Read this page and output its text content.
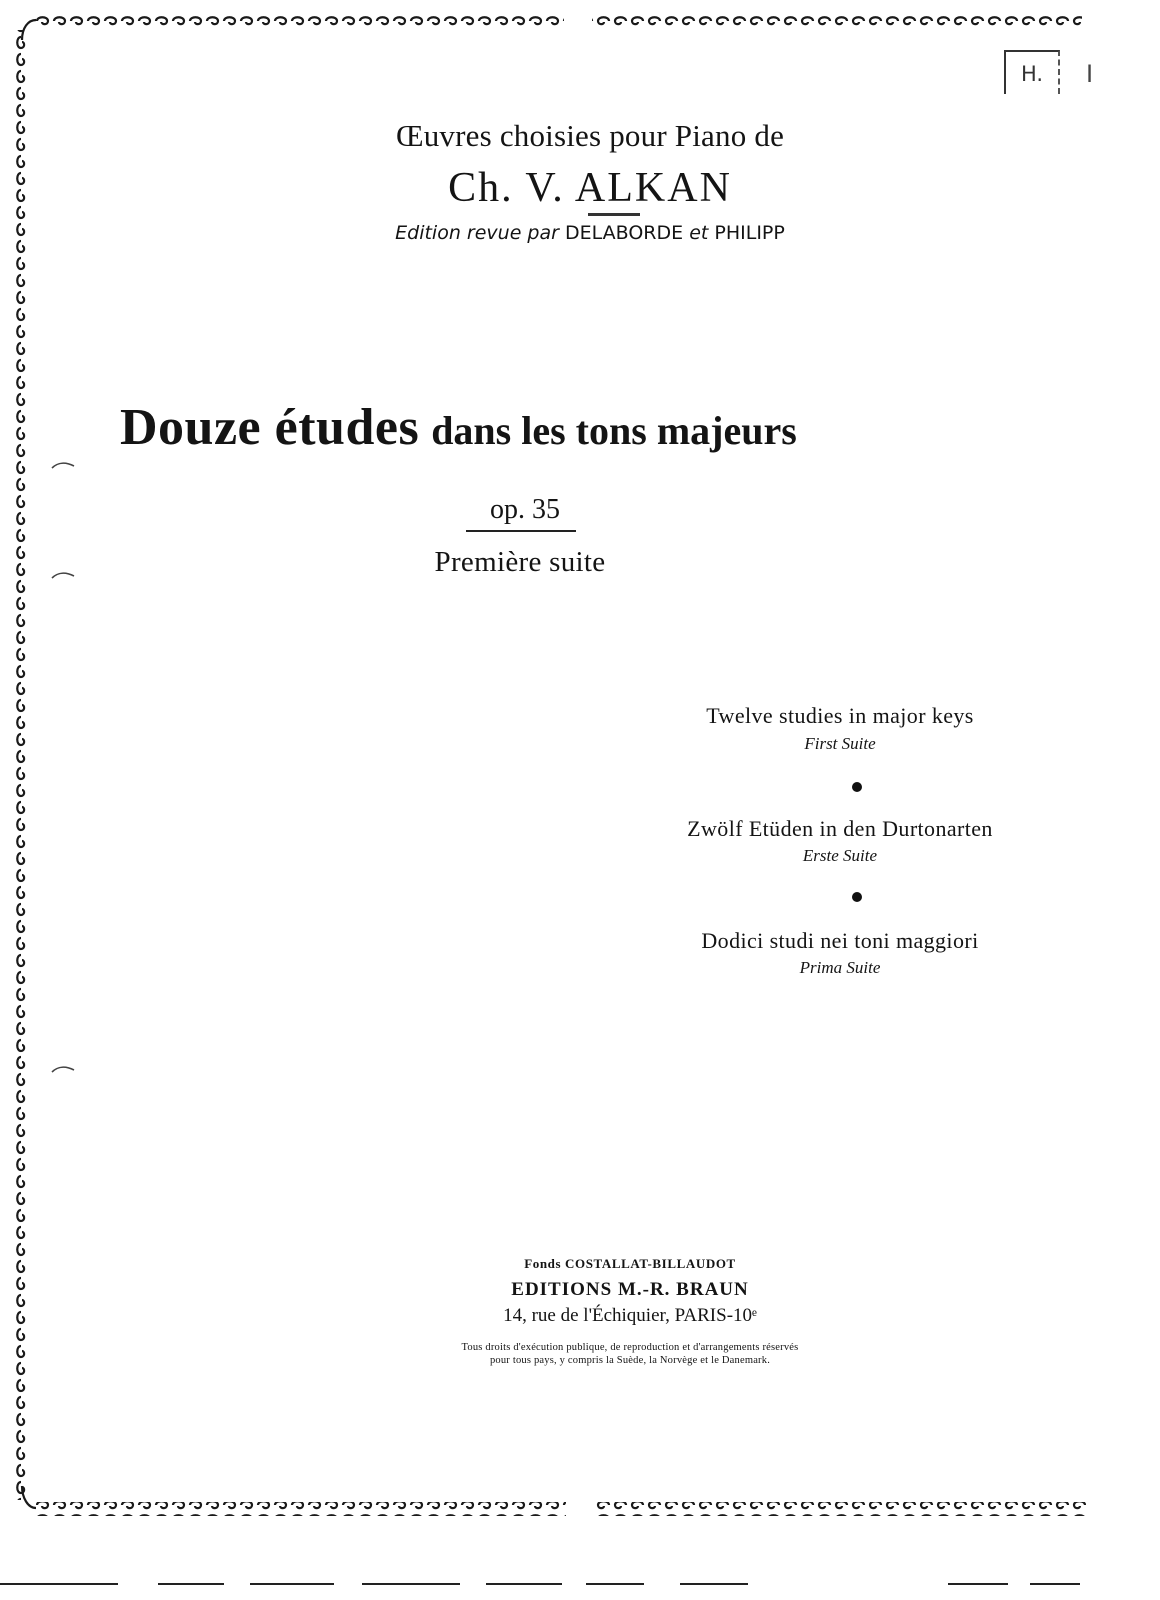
H.	I
Œuvres choisies pour Piano de
Ch. V. ALKAN
Edition revue par DELABORDE et PHILIPP
Douze études dans les tons majeurs
op. 35
Première suite
Twelve studies in major keys
First Suite
Zwölf Etüden in den Durtonarten
Erste Suite
Dodici studi nei toni maggiori
Prima Suite
Fonds COSTALLAT-BILLAUDOT
EDITIONS M.-R. BRAUN
14, rue de l'Échiquier, PARIS-10ᵉ
Tous droits d'exécution publique, de reproduction et d'arrangements réservés
pour tous pays, y compris la Suède, la Norvège et le Danemark.
